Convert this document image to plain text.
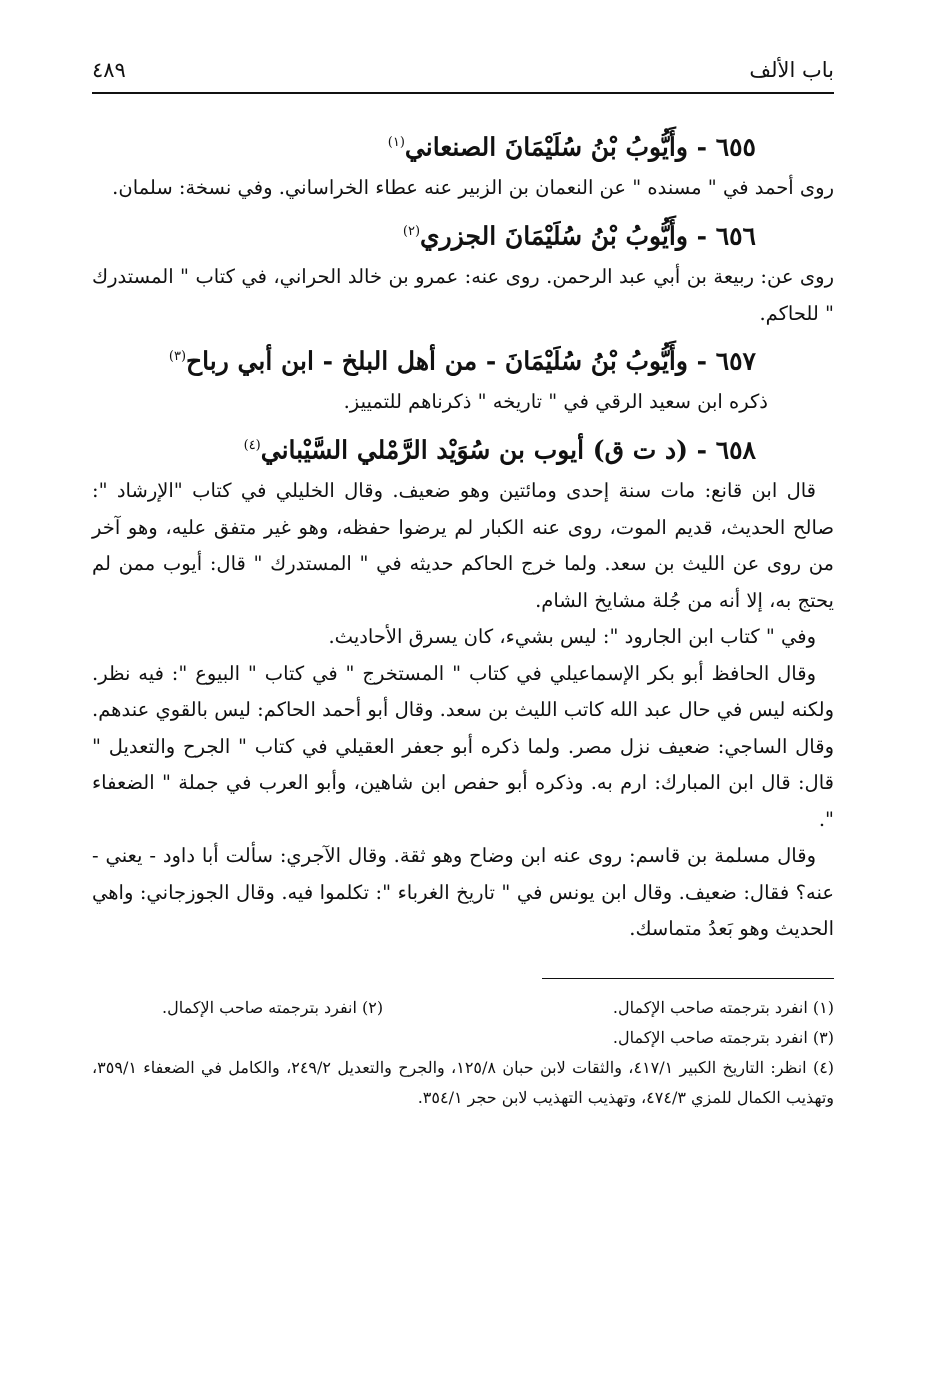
باب الألف
٤٨٩
٦٥٥ - وأَيُّوبُ بْنُ سُلَيْمَانَ الصنعاني$^{(١)}$

روى أحمد في " مسنده " عن النعمان بن الزبير عنه عطاء الخراساني. وفي نسخة: سلمان.

٦٥٦ - وأَيُّوبُ بْنُ سُلَيْمَانَ الجزري$^{(٢)}$

روى عن: ربيعة بن أبي عبد الرحمن. روى عنه: عمرو بن خالد الحراني، في كتاب " المستدرك " للحاكم.

٦٥٧ - وأَيُّوبُ بْنُ سُلَيْمَانَ - من أهل البلخ - ابن أبي رباح$^{(٣)}$

ذكره ابن سعيد الرقي في " تاريخه " ذكرناهم للتمييز.

٦٥٨ - (د ت ق) أيوب بن سُوَيْد الرَّمْلي السَّيْباني$^{(٤)}$

قال ابن قانع: مات سنة إحدى ومائتين وهو ضعيف. وقال الخليلي في كتاب "الإرشاد ": صالح الحديث، قديم الموت، روى عنه الكبار لم يرضوا حفظه، وهو غير متفق عليه، وهو آخر من روى عن الليث بن سعد. ولما خرج الحاكم حديثه في " المستدرك " قال: أيوب ممن لم يحتج به، إلا أنه من جُلة مشايخ الشام.

وفي " كتاب ابن الجارود ": ليس بشيء، كان يسرق الأحاديث.

وقال الحافظ أبو بكر الإسماعيلي في كتاب " المستخرج " في كتاب " البيوع ": فيه نظر. ولكنه ليس في حال عبد الله كاتب الليث بن سعد. وقال أبو أحمد الحاكم: ليس بالقوي عندهم. وقال الساجي: ضعيف نزل مصر. ولما ذكره أبو جعفر العقيلي في كتاب " الجرح والتعديل " قال: قال ابن المبارك: ارم به. وذكره أبو حفص ابن شاهين، وأبو العرب في جملة " الضعفاء ".

وقال مسلمة بن قاسم: روى عنه ابن وضاح وهو ثقة. وقال الآجري: سألت أبا داود - يعني - عنه؟ فقال: ضعيف. وقال ابن يونس في " تاريخ الغرباء ": تكلموا فيه. وقال الجوزجاني: واهي الحديث وهو بَعدُ متماسك.

(١) انفرد بترجمته صاحب الإكمال.
(٢) انفرد بترجمته صاحب الإكمال.

(٣) انفرد بترجمته صاحب الإكمال.

(٤) انظر: التاريخ الكبير ٤١٧/١، والثقات لابن حبان ١٢٥/٨، والجرح والتعديل ٢٤٩/٢، والكامل في الضعفاء ٣٥٩/١، وتهذيب الكمال للمزي ٤٧٤/٣، وتهذيب التهذيب لابن حجر ٣٥٤/١.
